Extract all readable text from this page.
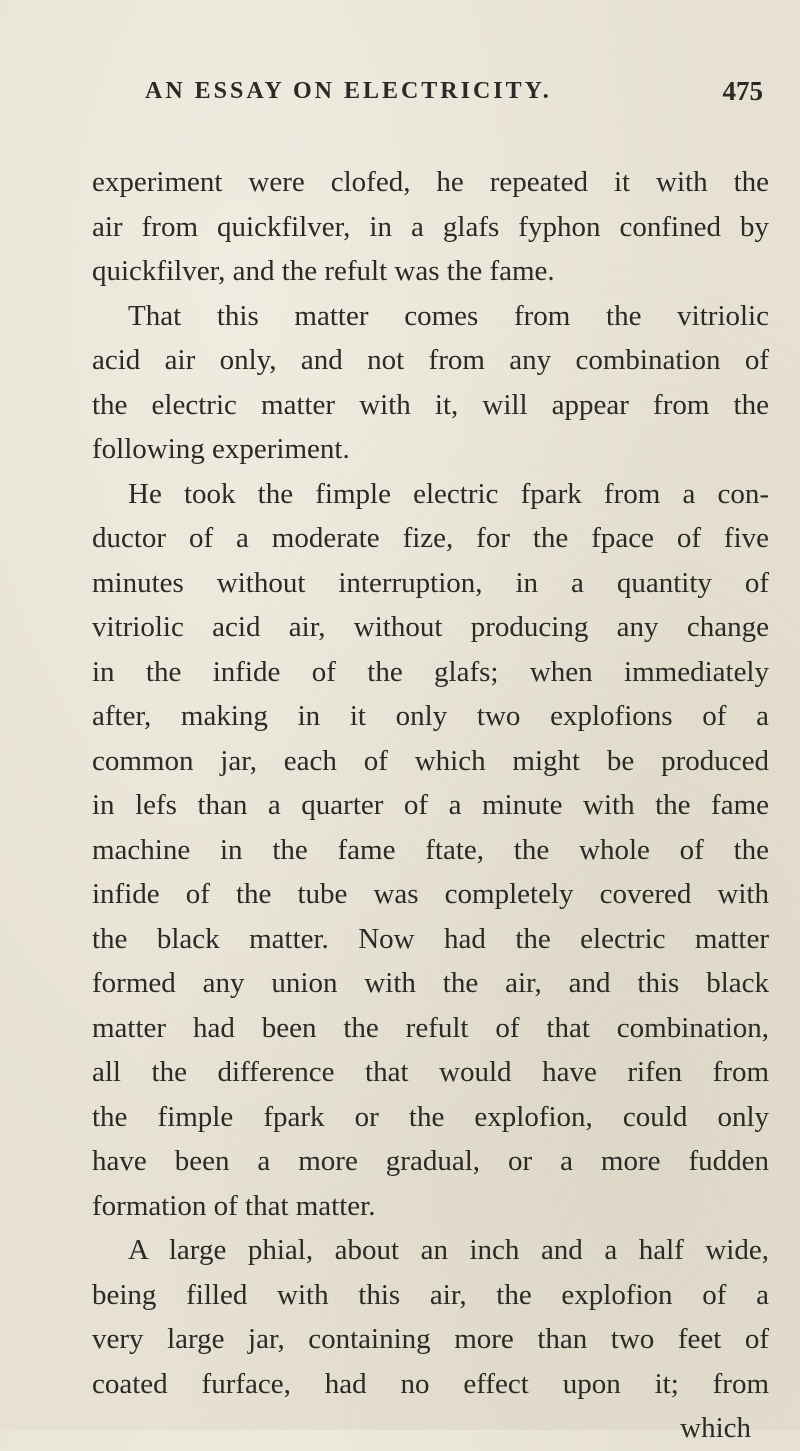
AN ESSAY ON ELECTRICITY.	475
experiment were clofed, he repeated it with the
air from quickfilver, in a glafs fyphon confined by
quickfilver, and the refult was the fame.
That this matter comes from the vitriolic
acid air only, and not from any combination of
the electric matter with it, will appear from the
following experiment.
He took the fimple electric fpark from a con-
ductor of a moderate fize, for the fpace of five
minutes without interruption, in a quantity of
vitriolic acid air, without producing any change
in the infide of the glafs; when immediately
after, making in it only two explofions of a
common jar, each of which might be produced
in lefs than a quarter of a minute with the fame
machine in the fame ftate, the whole of the
infide of the tube was completely covered with
the black matter. Now had the electric matter
formed any union with the air, and this black
matter had been the refult of that combination,
all the difference that would have rifen from
the fimple fpark or the explofion, could only
have been a more gradual, or a more fudden
formation of that matter.
A large phial, about an inch and a half wide,
being filled with this air, the explofion of a
very large jar, containing more than two feet of
coated furface, had no effect upon it; from
which
